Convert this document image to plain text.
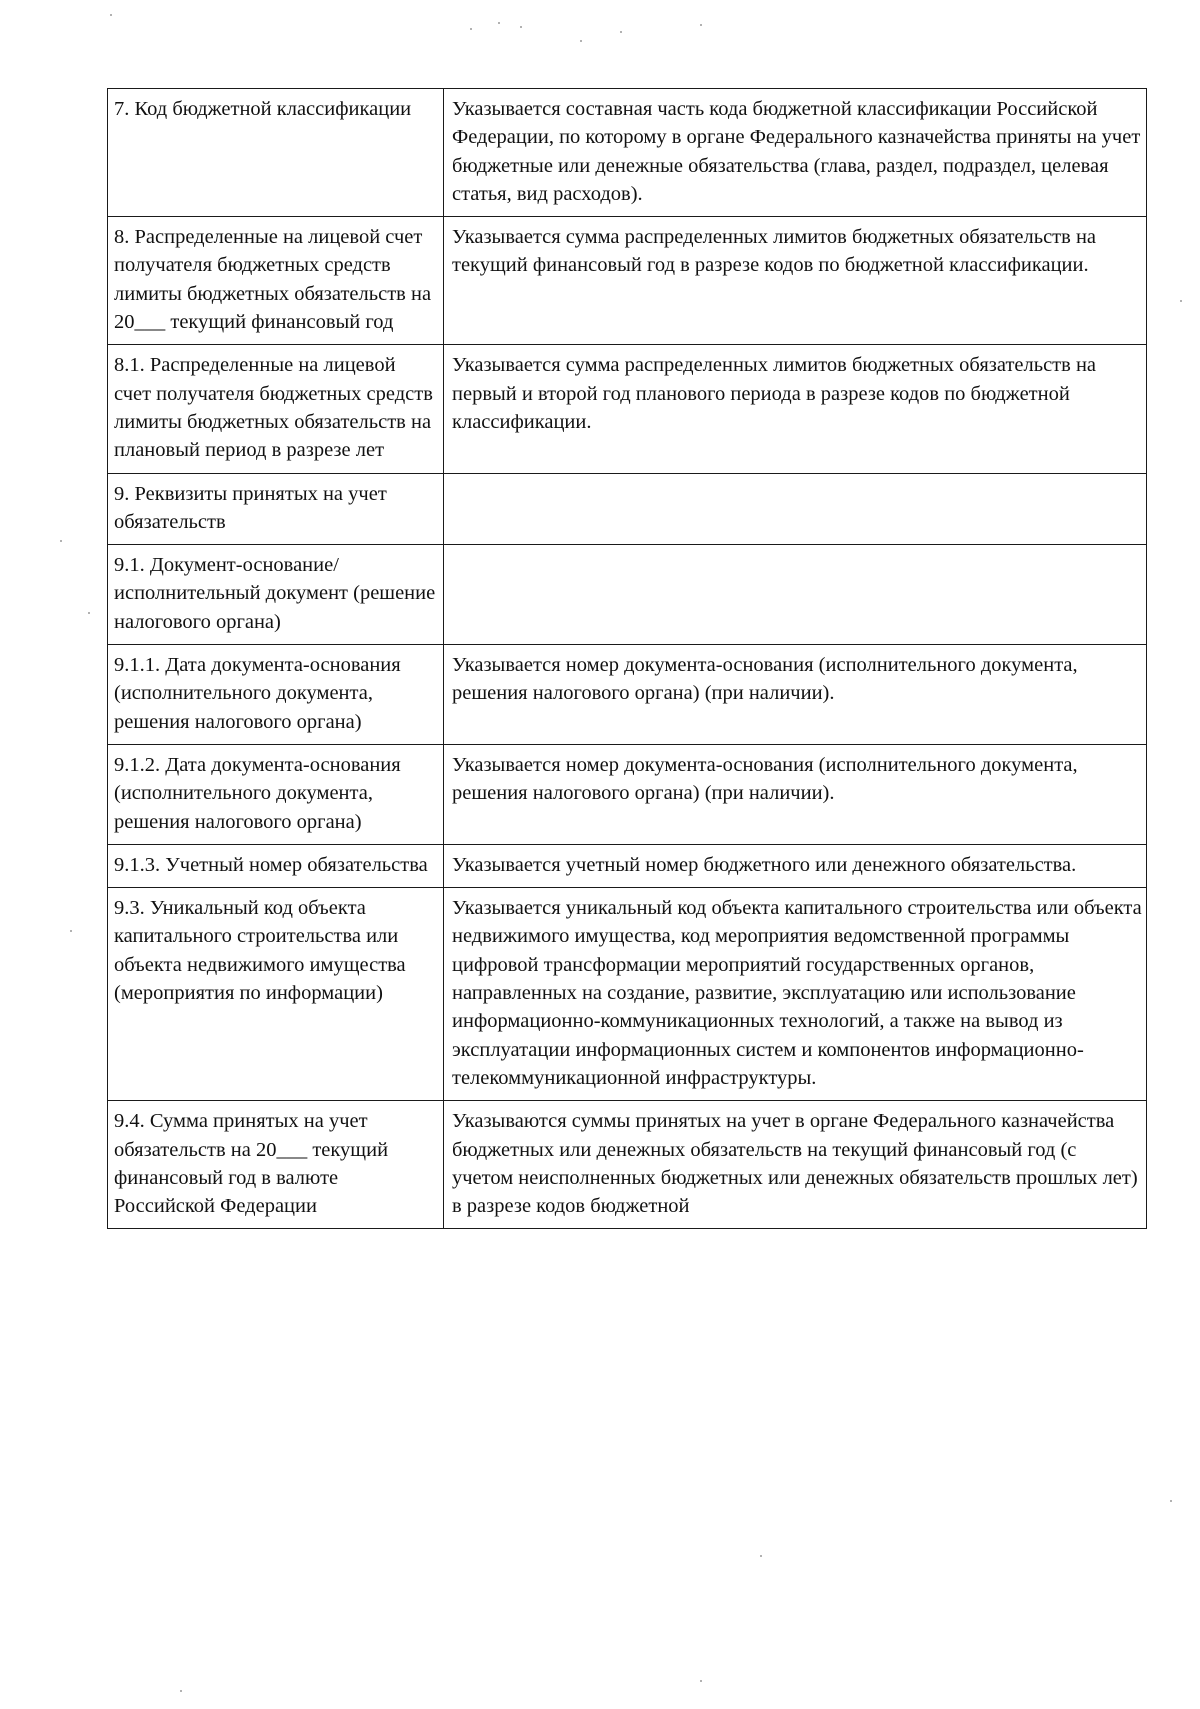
7. Код бюджетной классификации	Указывается составная часть кода бюджетной классификации Российской Федерации, по которому в органе Федерального казначейства приняты на учет бюджетные или денежные обязательства (глава, раздел, подраздел, целевая статья, вид расходов).
8. Распределенные на лицевой счет получателя бюджетных средств лимиты бюджетных обязательств на 20___ текущий финансовый год	Указывается сумма распределенных лимитов бюджетных обязательств на текущий финансовый год в разрезе кодов по бюджетной классификации.
8.1. Распределенные на лицевой счет получателя бюджетных средств лимиты бюджетных обязательств на плановый период в разрезе лет	Указывается сумма распределенных лимитов бюджетных обязательств на первый и второй год планового периода в разрезе кодов по бюджетной классификации.
9. Реквизиты принятых на учет обязательств	
9.1. Документ-основание/исполнительный документ (решение налогового органа)	
9.1.1. Дата документа-основания (исполнительного документа, решения налогового органа)	Указывается номер документа-основания (исполнительного документа, решения налогового органа) (при наличии).
9.1.2. Дата документа-основания (исполнительного документа, решения налогового органа)	Указывается номер документа-основания (исполнительного документа, решения налогового органа) (при наличии).
9.1.3. Учетный номер обязательства	Указывается учетный номер бюджетного или денежного обязательства.
9.3. Уникальный код объекта капитального строительства или объекта недвижимого имущества (мероприятия по информации)	Указывается уникальный код объекта капитального строительства или объекта недвижимого имущества, код мероприятия ведомственной программы цифровой трансформации мероприятий государственных органов, направленных на создание, развитие, эксплуатацию или использование информационно-коммуникационных технологий, а также на вывод из эксплуатации информационных систем и компонентов информационно-телекоммуникационной инфраструктуры.
9.4. Сумма принятых на учет обязательств на 20___ текущий финансовый год в валюте Российской Федерации	Указываются суммы принятых на учет в органе Федерального казначейства бюджетных или денежных обязательств на текущий финансовый год (с учетом неисполненных бюджетных или денежных обязательств прошлых лет) в разрезе кодов бюджетной
